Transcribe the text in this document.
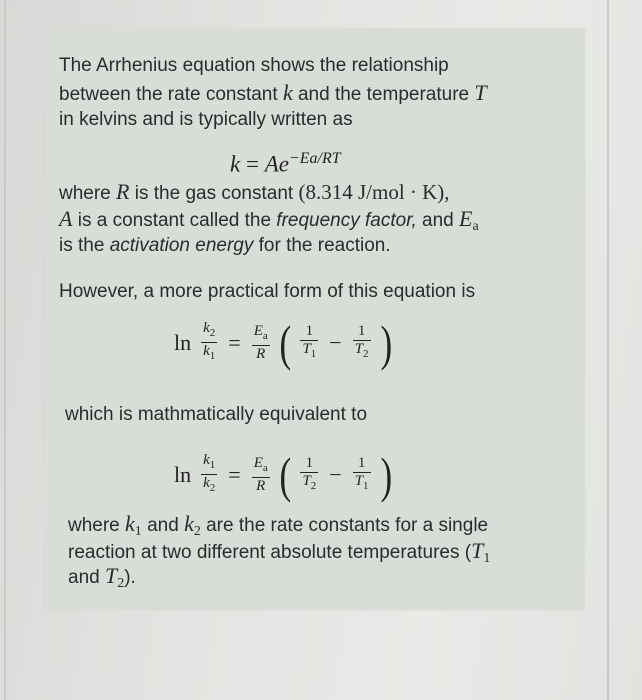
The Arrhenius equation shows the relationship

between the rate constant k and the temperature T

in kelvins and is typically written as

$k = Ae^{-Ea/RT}$

where R is the gas constant (8.314 J/mol · K),

A is a constant called the frequency factor, and $E_a$

is the activation energy for the reaction.

However, a more practical form of this equation is

$\ln \frac{k_2}{k_1} = \frac{E_a}{R}$ ( $\frac{1}{T_1} - \frac{1}{T_2}$ )

which is mathmatically equivalent to

$\ln \frac{k_1}{k_2} = \frac{E_a}{R}$ ( $\frac{1}{T_2} - \frac{1}{T_1}$ )

where $k_1$ and $k_2$ are the rate constants for a single

reaction at two different absolute temperatures ($T_1$

and $T_2$).
